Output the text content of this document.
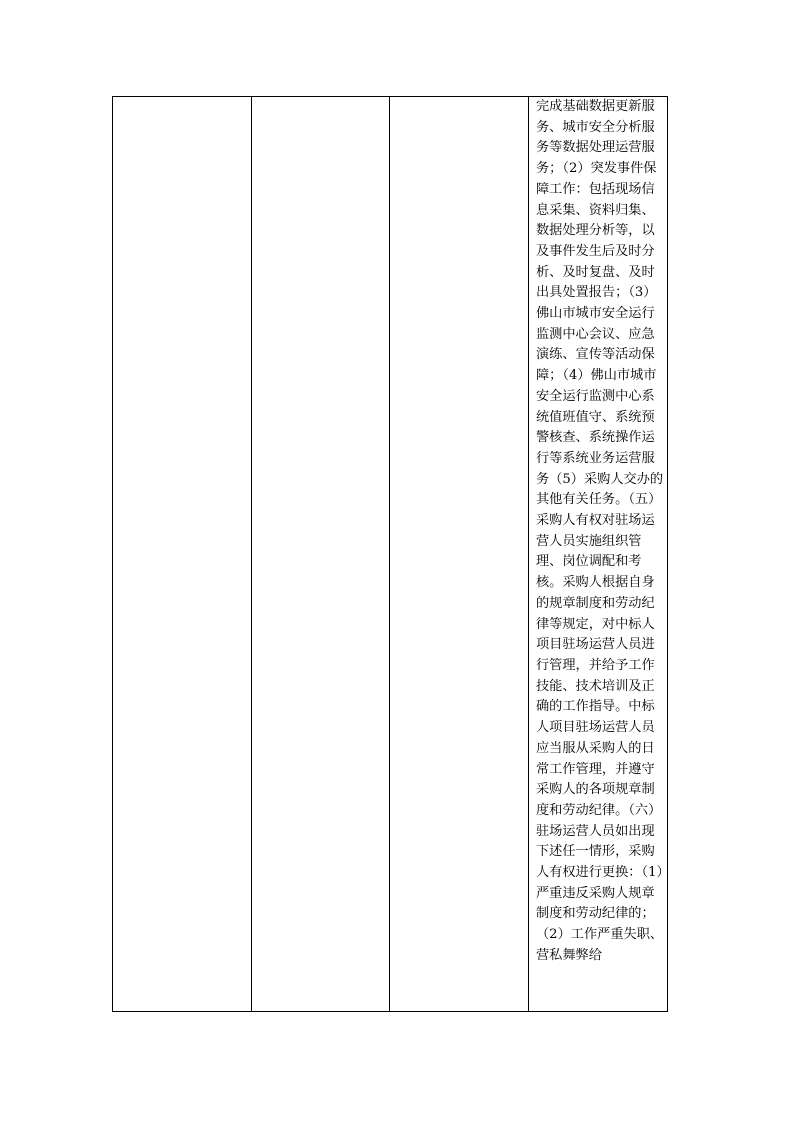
完成基础数据更新服务、城市安全分析服务等数据处理运营服务；（2）突发事件保障工作：包括现场信息采集、资料归集、数据处理分析等，以及事件发生后及时分析、及时复盘、及时出具处置报告；（3）佛山市城市安全运行监测中心会议、应急演练、宣传等活动保障；（4）佛山市城市安全运行监测中心系统值班值守、系统预警核查、系统操作运行等系统业务运营服务（5）采购人交办的其他有关任务。（五）采购人有权对驻场运营人员实施组织管理、岗位调配和考核。采购人根据自身的规章制度和劳动纪律等规定，对中标人项目驻场运营人员进行管理，并给予工作技能、技术培训及正确的工作指导。中标人项目驻场运营人员应当服从采购人的日常工作管理，并遵守采购人的各项规章制度和劳动纪律。（六）驻场运营人员如出现下述任一情形，采购人有权进行更换：（1）严重违反采购人规章制度和劳动纪律的；（2）工作严重失职、营私舞弊给
